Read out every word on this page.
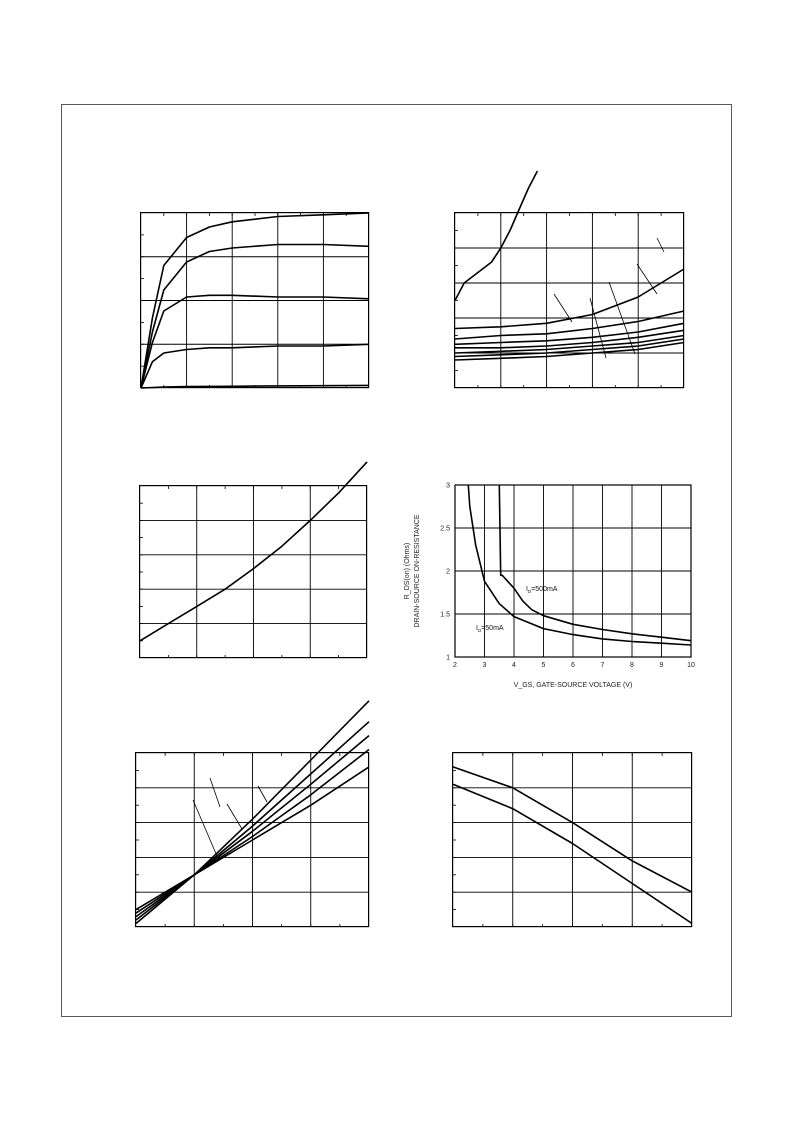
2	3	4	5	6	7	8	9	10
1
1.5
2
2.5
3
$I_D=500mA$
$I_D=50mA$
V_GS, GATE-SOURCE VOLTAGE (V)
R_DS(on) (Ohms) DRAIN-SOURCE ON-RESISTANCE
